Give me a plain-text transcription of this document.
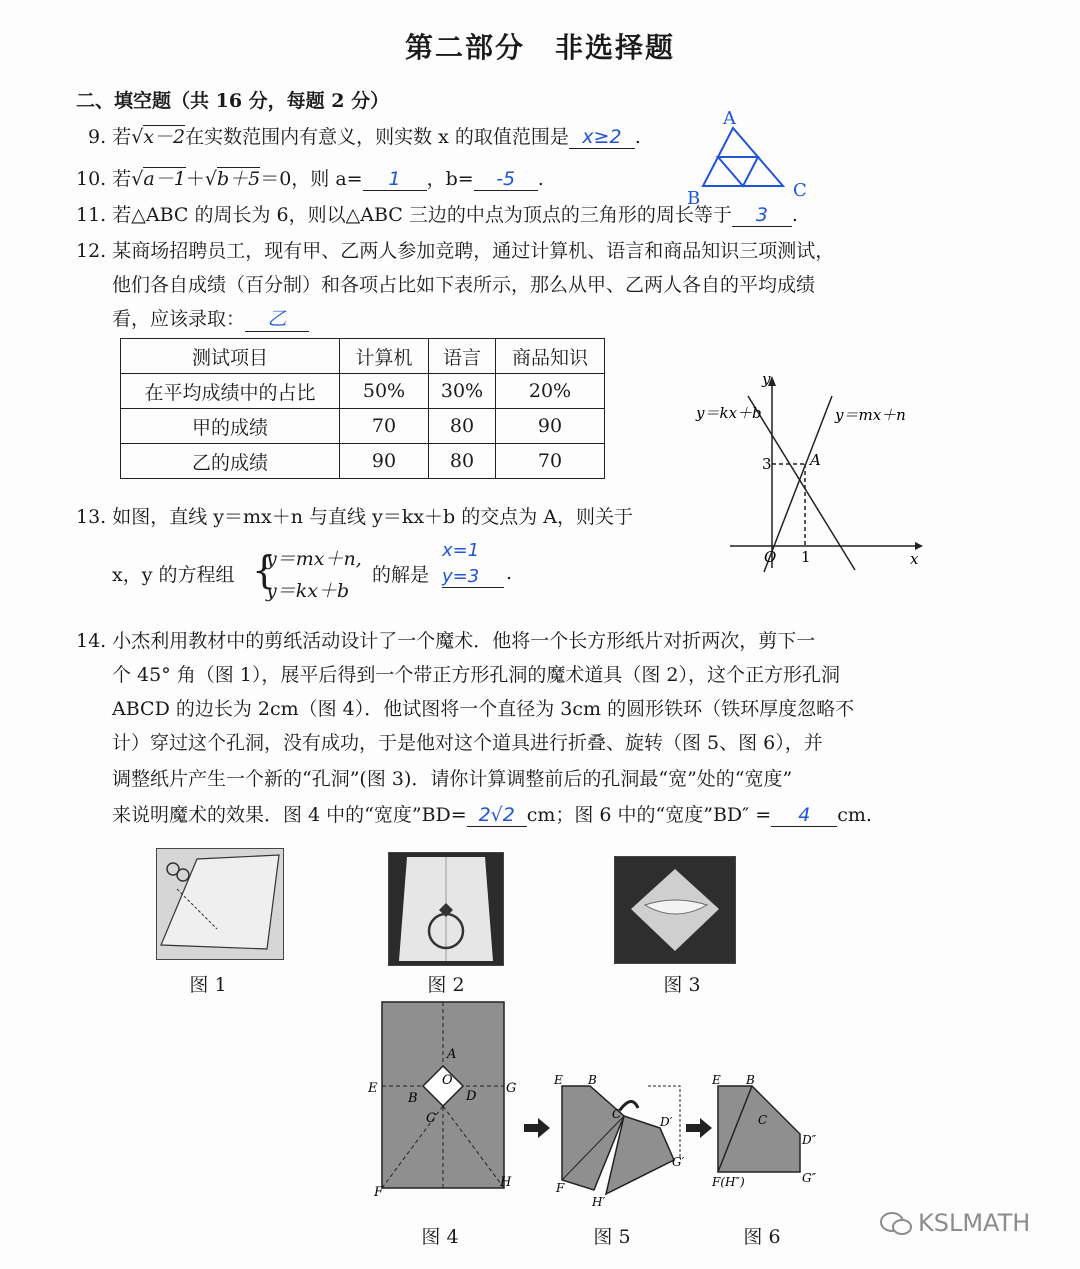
第二部分　非选择题
二、填空题（共 16 分，每题 2 分）
9. 若√x－2在实数范围内有意义，则实数 x 的取值范围是 x≥2 .
10. 若√a－1＋√b＋5＝0，则 a= 1 ，b= -5 .
A
B	C
11. 若△ABC 的周长为 6，则以△ABC 三边的中点为顶点的三角形的周长等于 3 .
12. 某商场招聘员工，现有甲、乙两人参加竞聘，通过计算机、语言和商品知识三项测试，
他们各自成绩（百分制）和各项占比如下表所示，那么从甲、乙两人各自的平均成绩
看，应该录取： 乙
测试项目	计算机	语言	商品知识
在平均成绩中的占比	50%	30%	20%
甲的成绩	70	80	90
乙的成绩	90	80	70
y＝kx＋b	y＝mx＋n
y
x
O 1
3	A
13. 如图，直线 y＝mx＋n 与直线 y＝kx＋b 的交点为 A，则关于
x，y 的方程组 {
y＝mx＋n,
y＝kx＋b
的解是
x=1
y=3	.
14. 小杰利用教材中的剪纸活动设计了一个魔术．他将一个长方形纸片对折两次，剪下一
个 45° 角（图 1），展平后得到一个带正方形孔洞的魔术道具（图 2），这个正方形孔洞
ABCD 的边长为 2cm（图 4）．他试图将一个直径为 3cm 的圆形铁环（铁环厚度忽略不
计）穿过这个孔洞，没有成功，于是他对这个道具进行折叠、旋转（图 5、图 6），并
调整纸片产生一个新的“孔洞”(图 3)．请你计算调整前后的孔洞最“宽”处的“宽度”
来说明魔术的效果．图 4 中的“宽度”BD= 2√2 cm；图 6 中的“宽度”BD″ = 4 cm.
图 1	图 2	图 3
A
O
B	D
C
E	G
F
H
E B
C
D′
G′
F
H′
E B
C
D″
G″
F(H″)
图 4	图 5	图 6	KSLMATH
